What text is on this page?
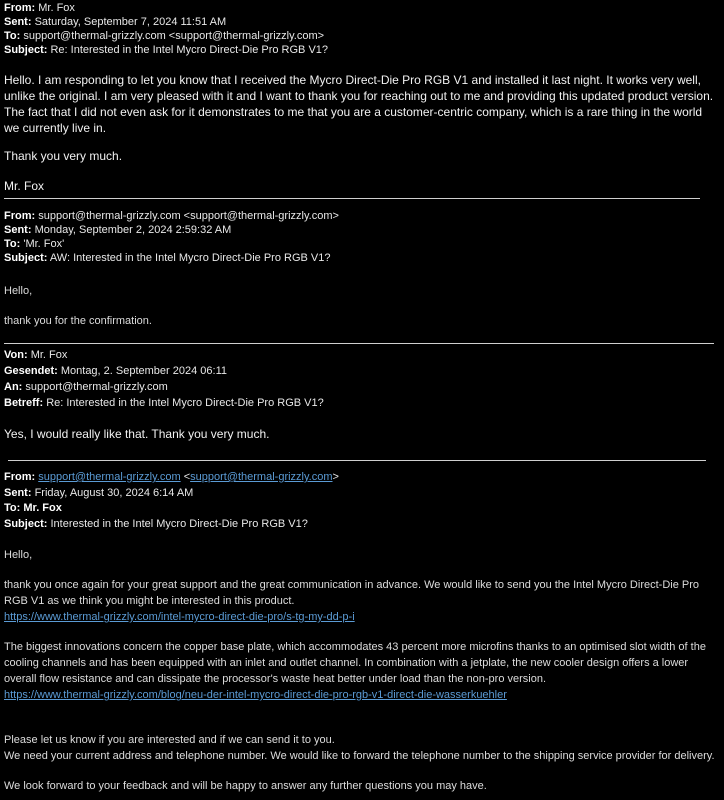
From: Mr. Fox
Sent: Saturday, September 7, 2024 11:51 AM
To: support@thermal-grizzly.com <support@thermal-grizzly.com>
Subject: Re: Interested in the Intel Mycro Direct-Die Pro RGB V1?

Hello. I am responding to let you know that I received the Mycro Direct-Die Pro RGB V1 and installed it last night. It works very well, unlike the original. I am very pleased with it and I want to thank you for reaching out to me and providing this updated product version. The fact that I did not even ask for it demonstrates to me that you are a customer-centric company, which is a rare thing in the world we currently live in.

Thank you very much.
Mr. Fox
From: support@thermal-grizzly.com <support@thermal-grizzly.com>
Sent: Monday, September 2, 2024 2:59:32 AM
To: 'Mr. Fox'
Subject: AW: Interested in the Intel Mycro Direct-Die Pro RGB V1?
Hello,
thank you for the confirmation.
Von: Mr. Fox
Gesendet: Montag, 2. September 2024 06:11
An: support@thermal-grizzly.com
Betreff: Re: Interested in the Intel Mycro Direct-Die Pro RGB V1?
Yes, I would really like that. Thank you very much.
From: support@thermal-grizzly.com <support@thermal-grizzly.com>
Sent: Friday, August 30, 2024 6:14 AM
To: Mr. Fox
Subject: Interested in the Intel Mycro Direct-Die Pro RGB V1?
Hello,

thank you once again for your great support and the great communication in advance. We would like to send you the Intel Mycro Direct-Die Pro RGB V1 as we think you might be interested in this product.

https://www.thermal-grizzly.com/intel-mycro-direct-die-pro/s-tg-my-dd-p-i

The biggest innovations concern the copper base plate, which accommodates 43 percent more microfins thanks to an optimised slot width of the cooling channels and has been equipped with an inlet and outlet channel. In combination with a jetplate, the new cooler design offers a lower overall flow resistance and can dissipate the processor's waste heat better under load than the non-pro version.

https://www.thermal-grizzly.com/blog/neu-der-intel-mycro-direct-die-pro-rgb-v1-direct-die-wasserkuehler
Please let us know if you are interested and if we can send it to you.
We need your current address and telephone number. We would like to forward the telephone number to the shipping service provider for delivery.
We look forward to your feedback and will be happy to answer any further questions you may have.
